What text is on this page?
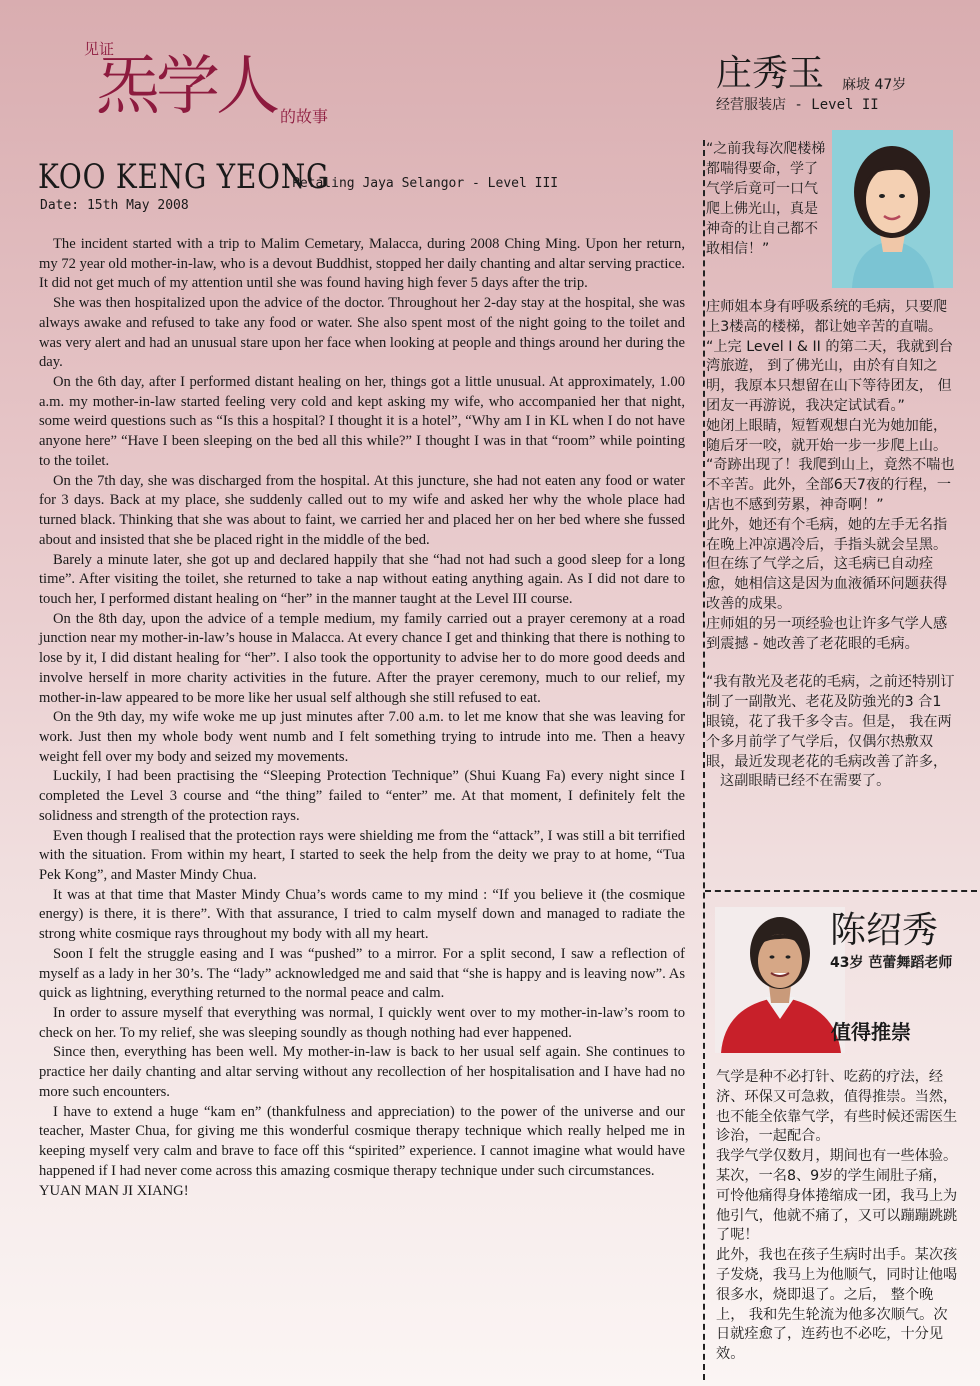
见证
炁学人 的故事
KOO KENG YEONG
Petaling Jaya Selangor - Level III
Date: 15th May 2008

The incident started with a trip to Malim Cemetary, Malacca, during 2008 Ching Ming. Upon her return, my 72 year old mother-in-law, who is a devout Buddhist, stopped her daily chanting and altar serving practice. It did not get much of my attention until she was found having high fever 5 days after the trip.

She was then hospitalized upon the advice of the doctor. Throughout her 2-day stay at the hospital, she was always awake and refused to take any food or water. She also spent most of the night going to the toilet and was very alert and had an unusual stare upon her face when looking at people and things around her during the day.

On the 6th day, after I performed distant healing on her, things got a little unusual. At approximately, 1.00 a.m. my mother-in-law started feeling very cold and kept asking my wife, who accompanied her that night, some weird questions such as “Is this a hospital? I thought it is a hotel”, “Why am I in KL when I do not have anyone here” “Have I been sleeping on the bed all this while?” I thought I was in that “room” while pointing to the toilet.

On the 7th day, she was discharged from the hospital. At this juncture, she had not eaten any food or water for 3 days. Back at my place, she suddenly called out to my wife and asked her why the whole place had turned black. Thinking that she was about to faint, we carried her and placed her on her bed where she fussed about and insisted that she be placed right in the middle of the bed.

Barely a minute later, she got up and declared happily that she “had not had such a good sleep for a long time”. After visiting the toilet, she returned to take a nap without eating anything again. As I did not dare to touch her, I performed distant healing on “her” in the manner taught at the Level III course.

On the 8th day, upon the advice of a temple medium, my family carried out a prayer ceremony at a road junction near my mother-in-law’s house in Malacca. At every chance I get and thinking that there is nothing to lose by it, I did distant healing for “her”. I also took the opportunity to advise her to do more good deeds and involve herself in more charity activities in the future. After the prayer ceremony, much to our relief, my mother-in-law appeared to be more like her usual self although she still refused to eat.

On the 9th day, my wife woke me up just minutes after 7.00 a.m. to let me know that she was leaving for work. Just then my whole body went numb and I felt something trying to intrude into me. Then a heavy weight fell over my body and seized my movements.

Luckily, I had been practising the “Sleeping Protection Technique” (Shui Kuang Fa) every night since I completed the Level 3 course and “the thing” failed to “enter” me. At that moment, I definitely felt the solidness and strength of the protection rays.

Even though I realised that the protection rays were shielding me from the “attack”, I was still a bit terrified with the situation. From within my heart, I started to seek the help from the deity we pray to at home, “Tua Pek Kong”, and Master Mindy Chua.

It was at that time that Master Mindy Chua’s words came to my mind : “If you believe it (the cosmique energy) is there, it is there”. With that assurance, I tried to calm myself down and managed to radiate the strong white cosmique rays throughout my body with all my heart.

Soon I felt the struggle easing and I was “pushed” to a mirror. For a split second, I saw a reflection of myself as a lady in her 30’s. The “lady” acknowledged me and said that “she is happy and is leaving now”. As quick as lightning, everything returned to the normal peace and calm.

In order to assure myself that everything was normal, I quickly went over to my mother-in-law’s room to check on her. To my relief, she was sleeping soundly as though nothing had ever happened.

Since then, everything has been well. My mother-in-law is back to her usual self again. She continues to practice her daily chanting and altar serving without any recollection of her hospitalisation and I have had no more such encounters.

I have to extend a huge “kam en” (thankfulness and appreciation) to the power of the universe and our teacher, Master Chua, for giving me this wonderful cosmique therapy technique which really helped me in keeping myself very calm and brave to face off this “spirited” experience. I cannot imagine what would have happened if I had never come across this amazing cosmique therapy technique under such circumstances.

YUAN MAN JI XIANG!

庄秀玉 麻坡 47岁
经营服装店 - Level II
“之前我每次爬楼梯都喘得要命，学了气学后竟可一口气爬上佛光山，真是神奇的让自己都不敢相信！”

庄师姐本身有呼吸系统的毛病，只要爬上3楼高的楼梯，都让她辛苦的直喘。

“上完 Level I & II 的第二天，我就到台湾旅遊， 到了佛光山，由於有自知之明，我原本只想留在山下等待团友， 但团友一再游说，我决定试试看。”

她闭上眼睛，短暂观想白光为她加能，随后牙一咬，就开始一步一步爬上山。

“奇跡出现了！我爬到山上，竟然不喘也不辛苦。此外，全部6天7夜的行程，一店也不感到劳累，神奇啊！”

此外，她还有个毛病，她的左手无名指在晚上冲凉遇冷后，手指头就会呈黑。但在练了气学之后，这毛病已自动痊愈，她相信这是因为血液循环问题获得改善的成果。

庄师姐的另一项经验也让许多气学人感到震撼 - 她改善了老花眼的毛病。

“我有散光及老花的毛病，之前还特别订制了一副散光、老花及防強光的3 合1 眼镜，花了我千多令吉。但是， 我在两个多月前学了气学后，仅偶尔热敷双眼，最近发现老花的毛病改善了許多，

这副眼睛已经不在需要了。

陈绍秀
43岁 芭蕾舞蹈老师
值得推崇

气学是种不必打针、吃葯的疗法，经济、环保又可急救，值得推崇。当然，也不能全依靠气学，有些时候还需医生诊治，一起配合。

我学气学仅数月，期间也有一些体验。某次，一名8、9岁的学生闹肚子痛，可怜他痛得身体捲缩成一团，我马上为他引气，他就不痛了，又可以蹦蹦跳跳了呢！

此外，我也在孩子生病时出手。某次孩子发烧，我马上为他顺气，同时让他喝很多水，烧即退了。之后， 整个晚上， 我和先生轮流为他多次顺气。次日就痊愈了，连药也不必吃，十分见效。
